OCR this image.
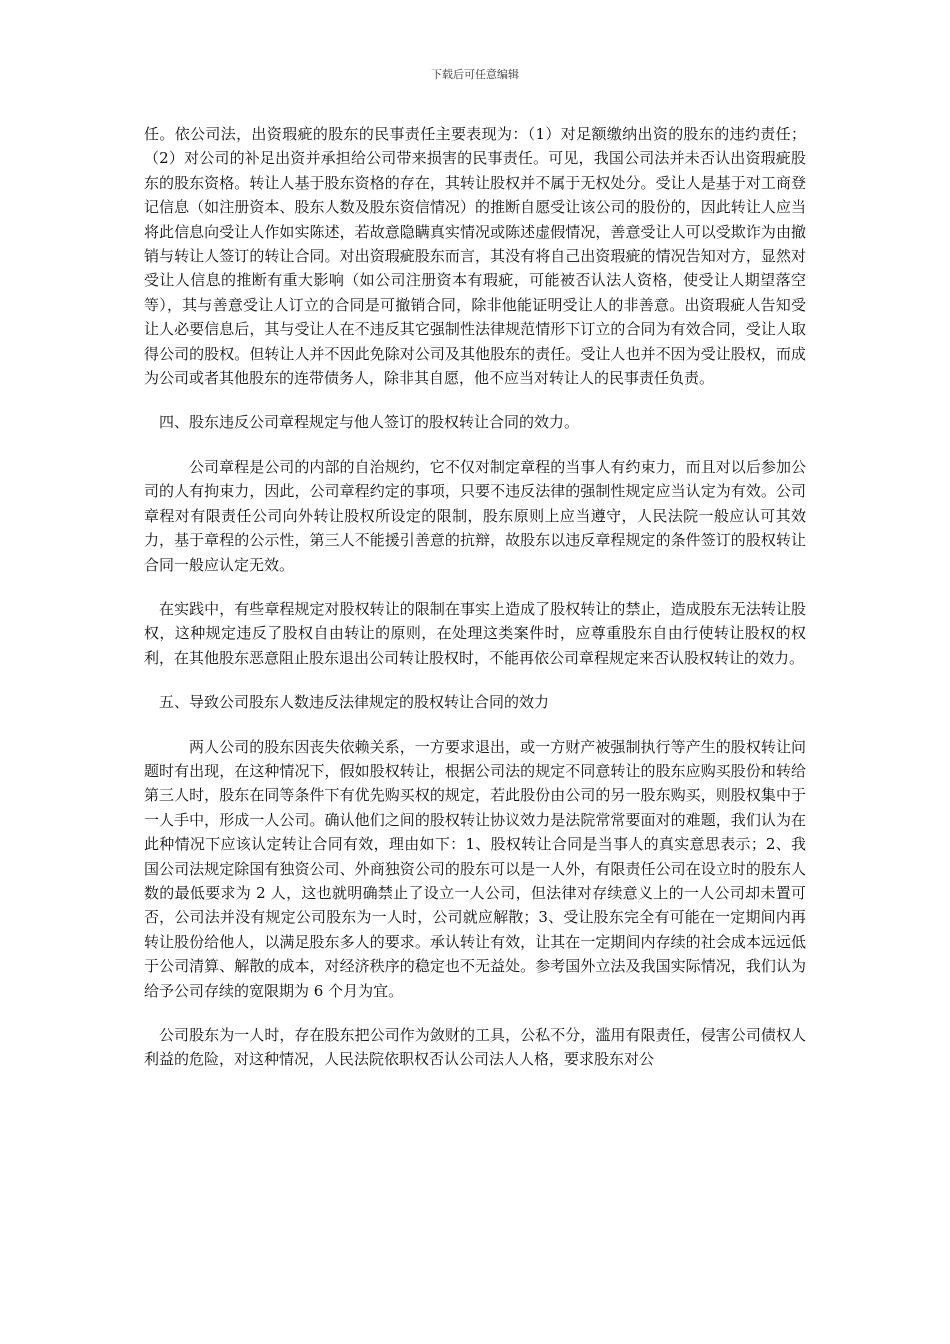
下载后可任意编辑

任。依公司法，出资瑕疵的股东的民事责任主要表现为：（1）对足额缴纳出资的股东的违约责任；（2）对公司的补足出资并承担给公司带来损害的民事责任。可见，我国公司法并未否认出资瑕疵股东的股东资格。转让人基于股东资格的存在，其转让股权并不属于无权处分。受让人是基于对工商登记信息（如注册资本、股东人数及股东资信情况）的推断自愿受让该公司的股份的，因此转让人应当将此信息向受让人作如实陈述，若故意隐瞒真实情况或陈述虚假情况，善意受让人可以受欺诈为由撤销与转让人签订的转让合同。对出资瑕疵股东而言，其没有将自己出资瑕疵的情况告知对方，显然对受让人信息的推断有重大影响（如公司注册资本有瑕疵，可能被否认法人资格，使受让人期望落空等），其与善意受让人订立的合同是可撤销合同，除非他能证明受让人的非善意。出资瑕疵人告知受让人必要信息后，其与受让人在不违反其它强制性法律规范情形下订立的合同为有效合同，受让人取得公司的股权。但转让人并不因此免除对公司及其他股东的责任。受让人也并不因为受让股权，而成为公司或者其他股东的连带债务人，除非其自愿，他不应当对转让人的民事责任负责。

四、股东违反公司章程规定与他人签订的股权转让合同的效力。

公司章程是公司的内部的自治规约，它不仅对制定章程的当事人有约束力，而且对以后参加公司的人有拘束力，因此，公司章程约定的事项，只要不违反法律的强制性规定应当认定为有效。公司章程对有限责任公司向外转让股权所设定的限制，股东原则上应当遵守，人民法院一般应认可其效力，基于章程的公示性，第三人不能援引善意的抗辩，故股东以违反章程规定的条件签订的股权转让合同一般应认定无效。

在实践中，有些章程规定对股权转让的限制在事实上造成了股权转让的禁止，造成股东无法转让股权，这种规定违反了股权自由转让的原则，在处理这类案件时，应尊重股东自由行使转让股权的权利，在其他股东恶意阻止股东退出公司转让股权时，不能再依公司章程规定来否认股权转让的效力。

五、导致公司股东人数违反法律规定的股权转让合同的效力

两人公司的股东因丧失依赖关系，一方要求退出，或一方财产被强制执行等产生的股权转让问题时有出现，在这种情况下，假如股权转让，根据公司法的规定不同意转让的股东应购买股份和转给第三人时，股东在同等条件下有优先购买权的规定，若此股份由公司的另一股东购买，则股权集中于一人手中，形成一人公司。确认他们之间的股权转让协议效力是法院常常要面对的难题，我们认为在此种情况下应该认定转让合同有效，理由如下：1、股权转让合同是当事人的真实意思表示；2、我国公司法规定除国有独资公司、外商独资公司的股东可以是一人外，有限责任公司在设立时的股东人数的最低要求为 2 人，这也就明确禁止了设立一人公司，但法律对存续意义上的一人公司却未置可否，公司法并没有规定公司股东为一人时，公司就应解散；3、受让股东完全有可能在一定期间内再转让股份给他人，以满足股东多人的要求。承认转让有效，让其在一定期间内存续的社会成本远远低于公司清算、解散的成本，对经济秩序的稳定也不无益处。参考国外立法及我国实际情况，我们认为给予公司存续的宽限期为 6 个月为宜。

公司股东为一人时，存在股东把公司作为敛财的工具，公私不分，滥用有限责任，侵害公司债权人利益的危险，对这种情况，人民法院依职权否认公司法人人格，要求股东对公
